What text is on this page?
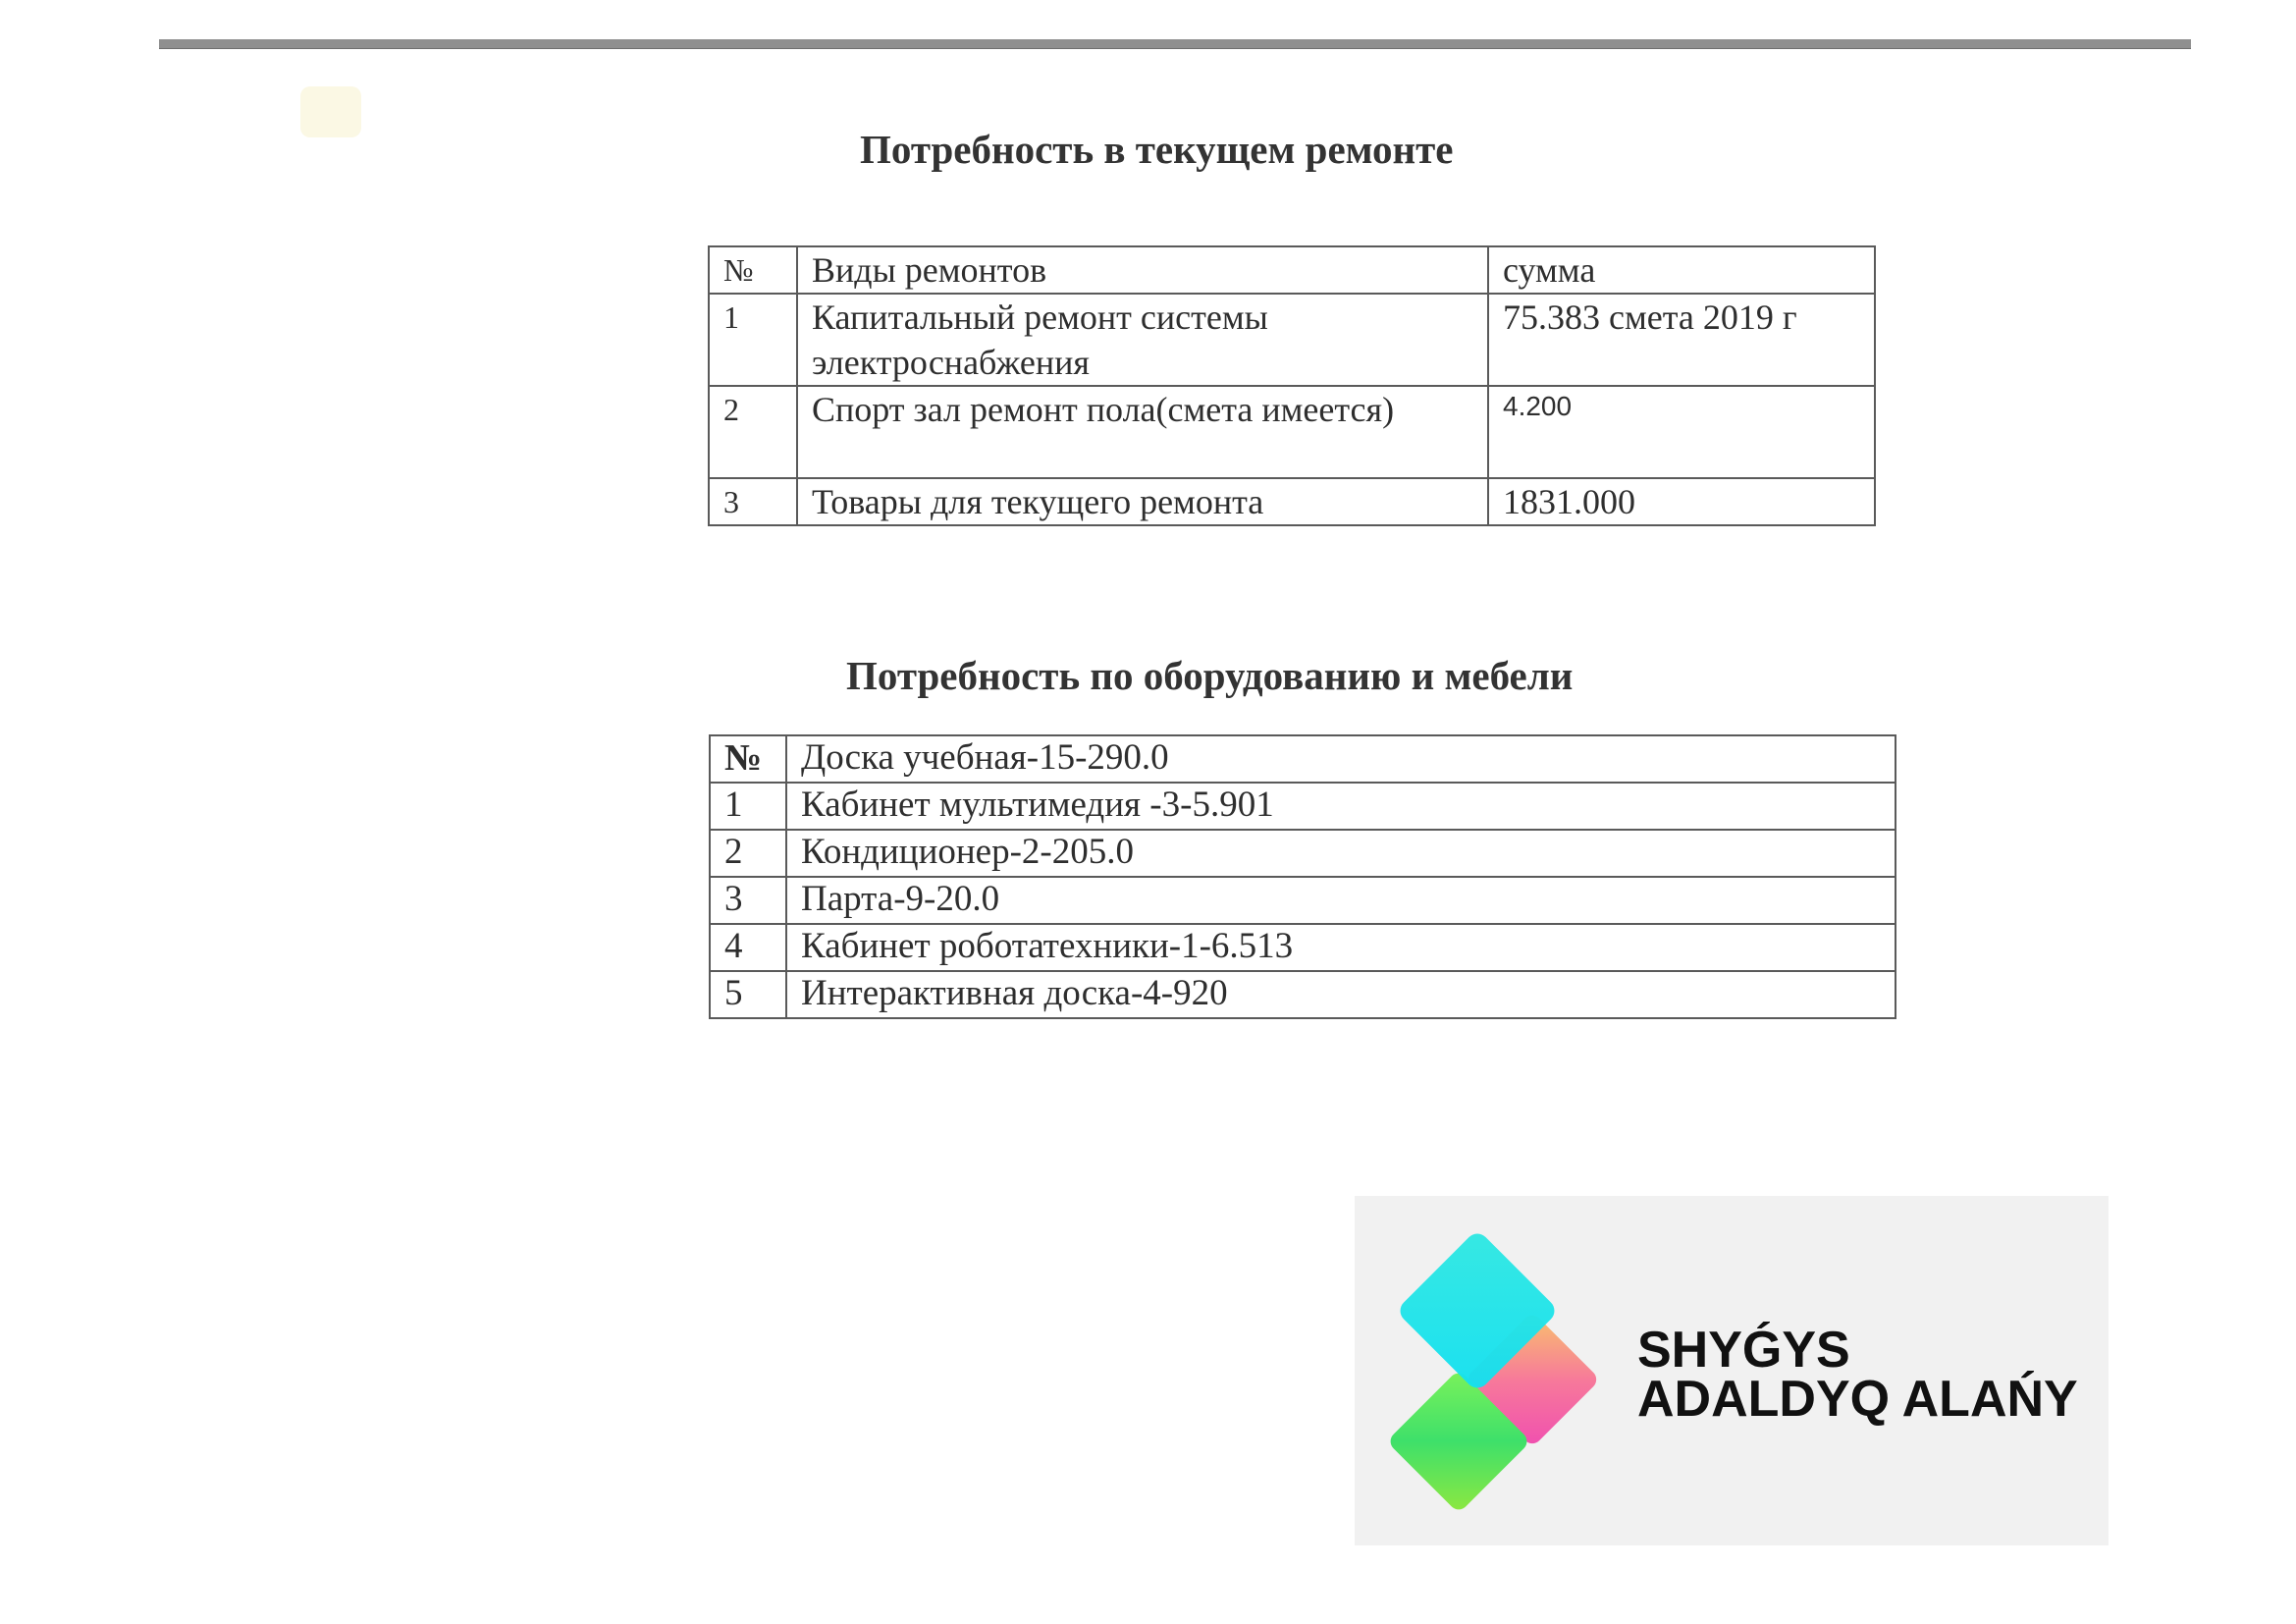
Потребность в текущем ремонте
№	Виды ремонтов	сумма
1	Капитальный ремонт системы электроснабжения	75.383 смета 2019 г
2	Спорт зал ремонт пола(смета имеется)	4.200
3	Товары для текущего ремонта	1831.000
Потребность по оборудованию и мебели
№	Доска учебная-15-290.0
1	Кабинет мультимедия -3-5.901
2	Кондиционер-2-205.0
3	Парта-9-20.0
4	Кабинет роботатехники-1-6.513
5	Интерактивная доска-4-920
SHYǴYS
ADALDYQ ALAŃY
